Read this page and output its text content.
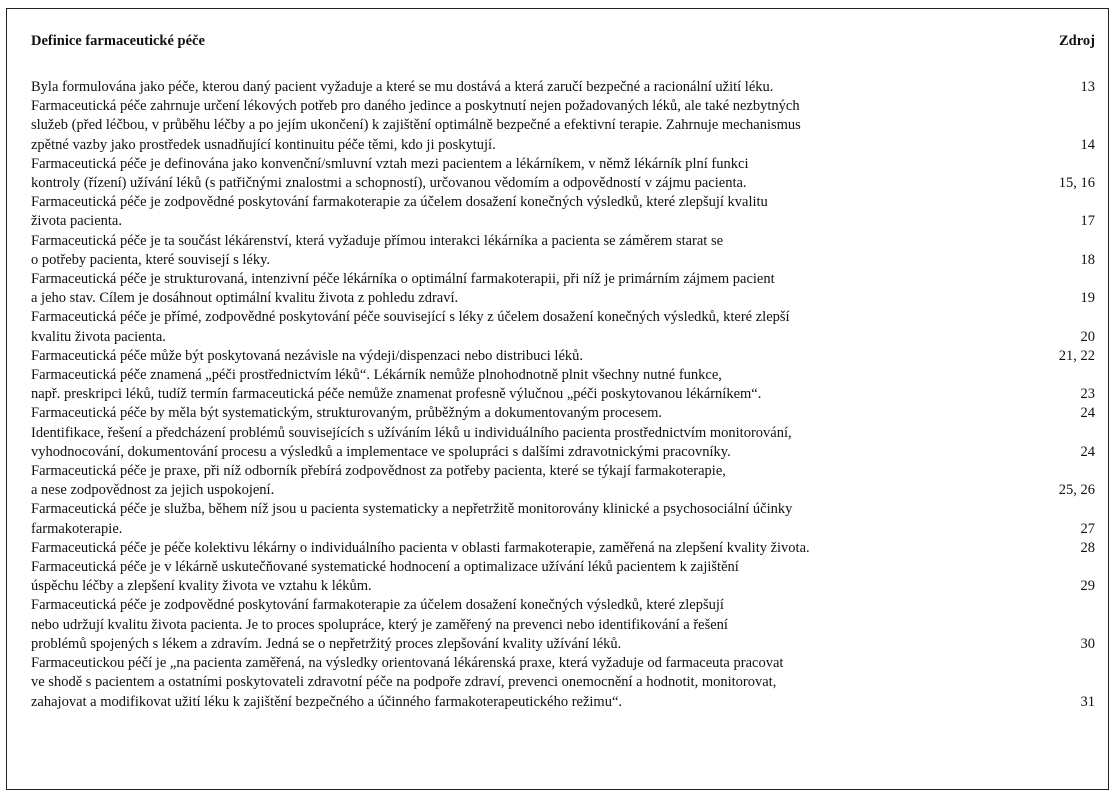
Definice farmaceutické péče	Zdroj
Byla formulována jako péče, kterou daný pacient vyžaduje a které se mu dostává a která zaručí bezpečné a racionální užití léku.	13
Farmaceutická péče zahrnuje určení lékových potřeb pro daného jedince a poskytnutí nejen požadovaných léků, ale také nezbytných
služeb (před léčbou, v průběhu léčby a po jejím ukončení) k zajištění optimálně bezpečné a efektivní terapie. Zahrnuje mechanismus
zpětné vazby jako prostředek usnadňující kontinuitu péče těmi, kdo ji poskytují.	14
Farmaceutická péče je definována jako konvenční/smluvní vztah mezi pacientem a lékárníkem, v němž lékárník plní funkci
kontroly (řízení) užívání léků (s patřičnými znalostmi a schopností), určovanou vědomím a odpovědností v zájmu pacienta.	15, 16
Farmaceutická péče je zodpovědné poskytování farmakoterapie za účelem dosažení konečných výsledků, které zlepšují kvalitu
života pacienta.	17
Farmaceutická péče je ta součást lékárenství, která vyžaduje přímou interakci lékárníka a pacienta se záměrem starat se
o potřeby pacienta, které souvisejí s léky.	18
Farmaceutická péče je strukturovaná, intenzivní péče lékárníka o optimální farmakoterapii, při níž je primárním zájmem pacient
a jeho stav. Cílem je dosáhnout optimální kvalitu života z pohledu zdraví.	19
Farmaceutická péče je přímé, zodpovědné poskytování péče související s léky z účelem dosažení konečných výsledků, které zlepší
kvalitu života pacienta.	20
Farmaceutická péče může být poskytovaná nezávisle na výdeji/dispenzaci nebo distribuci léků.	21, 22
Farmaceutická péče znamená „péči prostřednictvím léků“. Lékárník nemůže plnohodnotně plnit všechny nutné funkce,
např. preskripci léků, tudíž termín farmaceutická péče nemůže znamenat profesně výlučnou „péči poskytovanou lékárníkem“.	23
Farmaceutická péče by měla být systematickým, strukturovaným, průběžným a dokumentovaným procesem.	24
Identifikace, řešení a předcházení problémů souvisejících s užíváním léků u individuálního pacienta prostřednictvím monitorování,
vyhodnocování, dokumentování procesu a výsledků a implementace ve spolupráci s dalšími zdravotnickými pracovníky.	24
Farmaceutická péče je praxe, při níž odborník přebírá zodpovědnost za potřeby pacienta, které se týkají farmakoterapie,
a nese zodpovědnost za jejich uspokojení.	25, 26
Farmaceutická péče je služba, během níž jsou u pacienta systematicky a nepřetržitě monitorovány klinické a psychosociální účinky
farmakoterapie.	27
Farmaceutická péče je péče kolektivu lékárny o individuálního pacienta v oblasti farmakoterapie, zaměřená na zlepšení kvality života.	28
Farmaceutická péče je v lékárně uskutečňované systematické hodnocení a optimalizace užívání léků pacientem k zajištění
úspěchu léčby a zlepšení kvality života ve vztahu k lékům.	29
Farmaceutická péče je zodpovědné poskytování farmakoterapie za účelem dosažení konečných výsledků, které zlepšují
nebo udržují kvalitu života pacienta. Je to proces spolupráce, který je zaměřený na prevenci nebo identifikování a řešení
problémů spojených s lékem a zdravím. Jedná se o nepřetržitý proces zlepšování kvality užívání léků.	30
Farmaceutickou péčí je „na pacienta zaměřená, na výsledky orientovaná lékárenská praxe, která vyžaduje od farmaceuta pracovat
ve shodě s pacientem a ostatními poskytovateli zdravotní péče na podpoře zdraví, prevenci onemocnění a hodnotit, monitorovat,
zahajovat a modifikovat užití léku k zajištění bezpečného a účinného farmakoterapeutického režimu“.	31
